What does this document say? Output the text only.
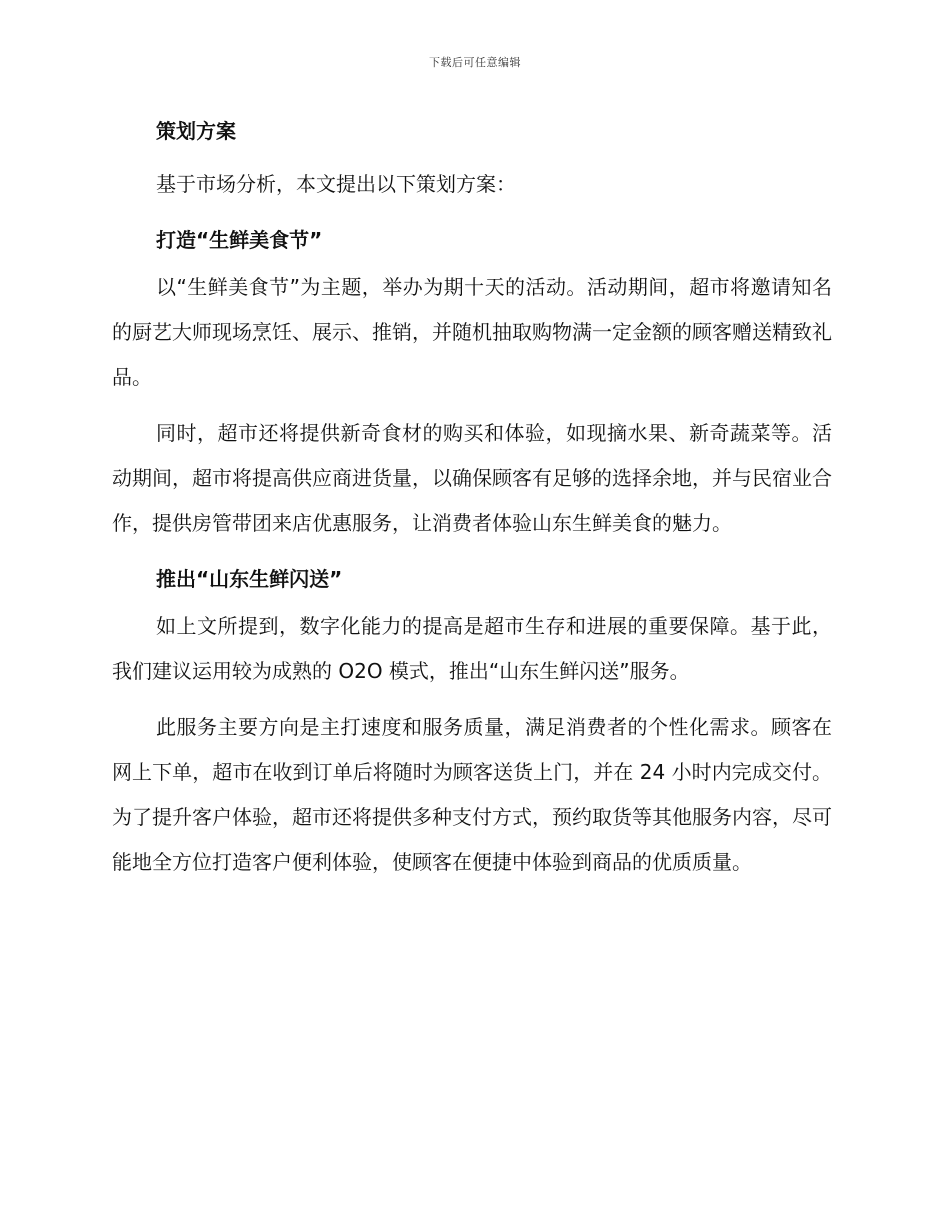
下载后可任意编辑
策划方案

基于市场分析，本文提出以下策划方案：

打造“生鲜美食节”

以“生鲜美食节”为主题，举办为期十天的活动。活动期间，超市将邀请知名的厨艺大师现场烹饪、展示、推销，并随机抽取购物满一定金额的顾客赠送精致礼品。

同时，超市还将提供新奇食材的购买和体验，如现摘水果、新奇蔬菜等。活动期间，超市将提高供应商进货量，以确保顾客有足够的选择余地，并与民宿业合作，提供房管带团来店优惠服务，让消费者体验山东生鲜美食的魅力。

推出“山东生鲜闪送”

如上文所提到，数字化能力的提高是超市生存和进展的重要保障。基于此，我们建议运用较为成熟的 O2O 模式，推出“山东生鲜闪送”服务。

此服务主要方向是主打速度和服务质量，满足消费者的个性化需求。顾客在网上下单，超市在收到订单后将随时为顾客送货上门，并在 24 小时内完成交付。为了提升客户体验，超市还将提供多种支付方式，预约取货等其他服务内容，尽可能地全方位打造客户便利体验，使顾客在便捷中体验到商品的优质质量。
